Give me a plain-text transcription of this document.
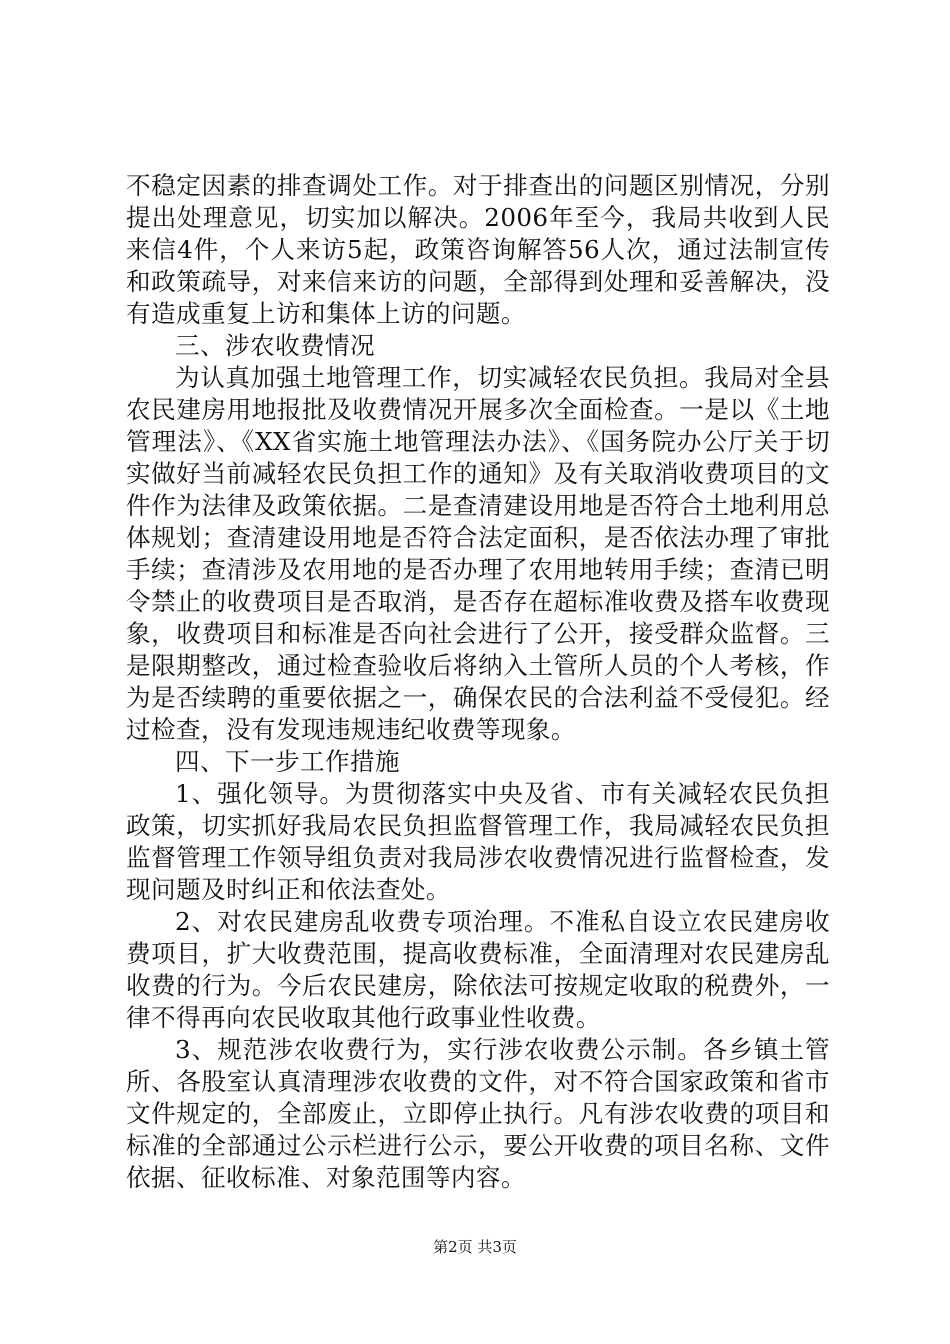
不稳定因素的排查调处工作。对于排查出的问题区别情况，分别提出处理意见，切实加以解决。2006年至今，我局共收到人民来信4件，个人来访5起，政策咨询解答56人次，通过法制宣传和政策疏导，对来信来访的问题，全部得到处理和妥善解决，没有造成重复上访和集体上访的问题。

三、涉农收费情况

为认真加强土地管理工作，切实减轻农民负担。我局对全县农民建房用地报批及收费情况开展多次全面检查。一是以《土地管理法》、《XX省实施土地管理法办法》、《国务院办公厅关于切实做好当前减轻农民负担工作的通知》及有关取消收费项目的文件作为法律及政策依据。二是查清建设用地是否符合土地利用总体规划；查清建设用地是否符合法定面积，是否依法办理了审批手续；查清涉及农用地的是否办理了农用地转用手续；查清已明令禁止的收费项目是否取消，是否存在超标准收费及搭车收费现象，收费项目和标准是否向社会进行了公开，接受群众监督。三是限期整改，通过检查验收后将纳入土管所人员的个人考核，作为是否续聘的重要依据之一，确保农民的合法利益不受侵犯。经过检查，没有发现违规违纪收费等现象。

四、下一步工作措施

1、强化领导。为贯彻落实中央及省、市有关减轻农民负担政策，切实抓好我局农民负担监督管理工作，我局减轻农民负担监督管理工作领导组负责对我局涉农收费情况进行监督检查，发现问题及时纠正和依法查处。

2、对农民建房乱收费专项治理。不准私自设立农民建房收费项目，扩大收费范围，提高收费标准，全面清理对农民建房乱收费的行为。今后农民建房，除依法可按规定收取的税费外，一律不得再向农民收取其他行政事业性收费。

3、规范涉农收费行为，实行涉农收费公示制。各乡镇土管所、各股室认真清理涉农收费的文件，对不符合国家政策和省市文件规定的，全部废止，立即停止执行。凡有涉农收费的项目和标准的全部通过公示栏进行公示，要公开收费的项目名称、文件依据、征收标准、对象范围等内容。

第2页 共3页
